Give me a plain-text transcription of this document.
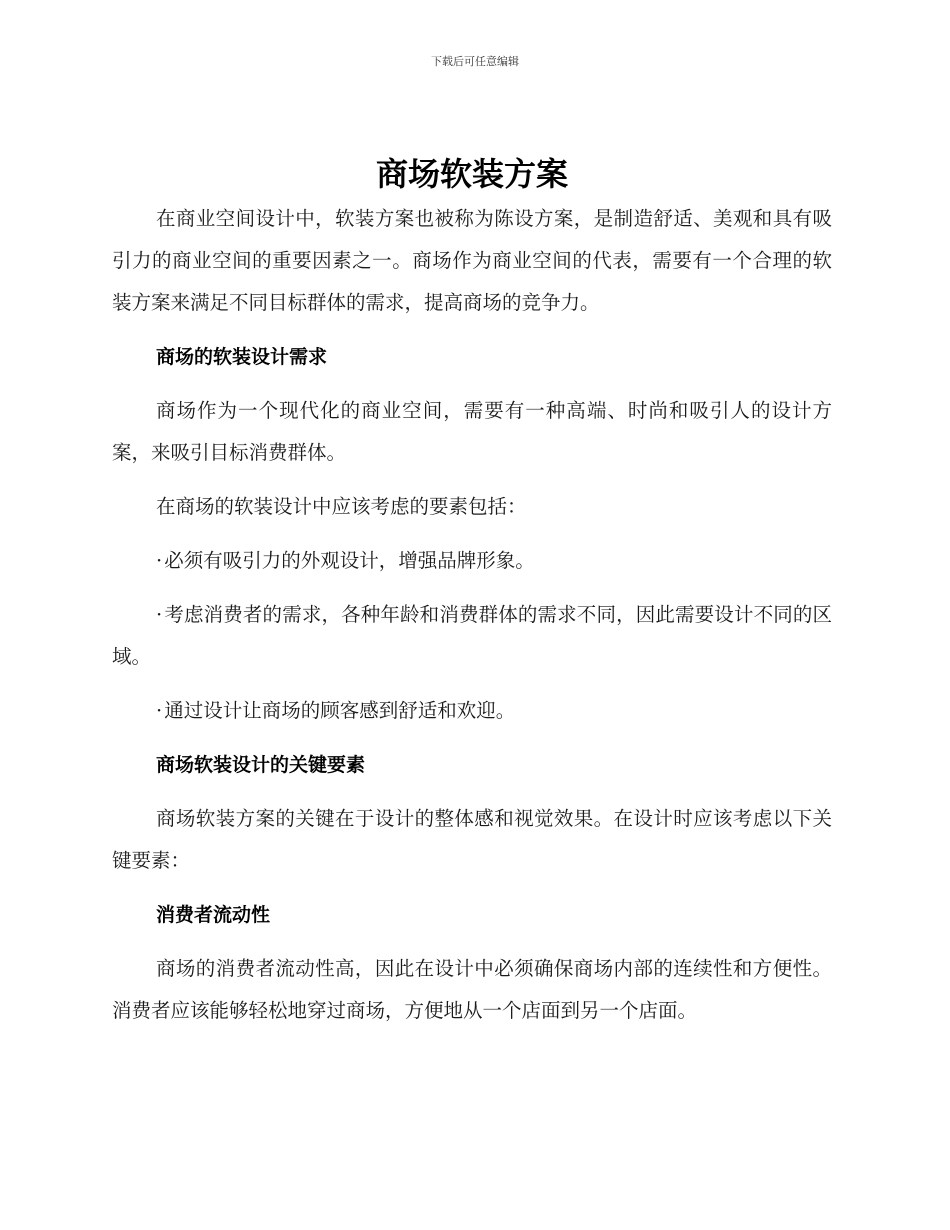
下载后可任意编辑
商场软装方案

在商业空间设计中，软装方案也被称为陈设方案，是制造舒适、美观和具有吸引力的商业空间的重要因素之一。商场作为商业空间的代表，需要有一个合理的软装方案来满足不同目标群体的需求，提高商场的竞争力。

商场的软装设计需求

商场作为一个现代化的商业空间，需要有一种高端、时尚和吸引人的设计方案，来吸引目标消费群体。

在商场的软装设计中应该考虑的要素包括：

· 必须有吸引力的外观设计，增强品牌形象。

· 考虑消费者的需求，各种年龄和消费群体的需求不同，因此需要设计不同的区域。

· 通过设计让商场的顾客感到舒适和欢迎。

商场软装设计的关键要素

商场软装方案的关键在于设计的整体感和视觉效果。在设计时应该考虑以下关键要素：

消费者流动性

商场的消费者流动性高，因此在设计中必须确保商场内部的连续性和方便性。消费者应该能够轻松地穿过商场，方便地从一个店面到另一个店面。
